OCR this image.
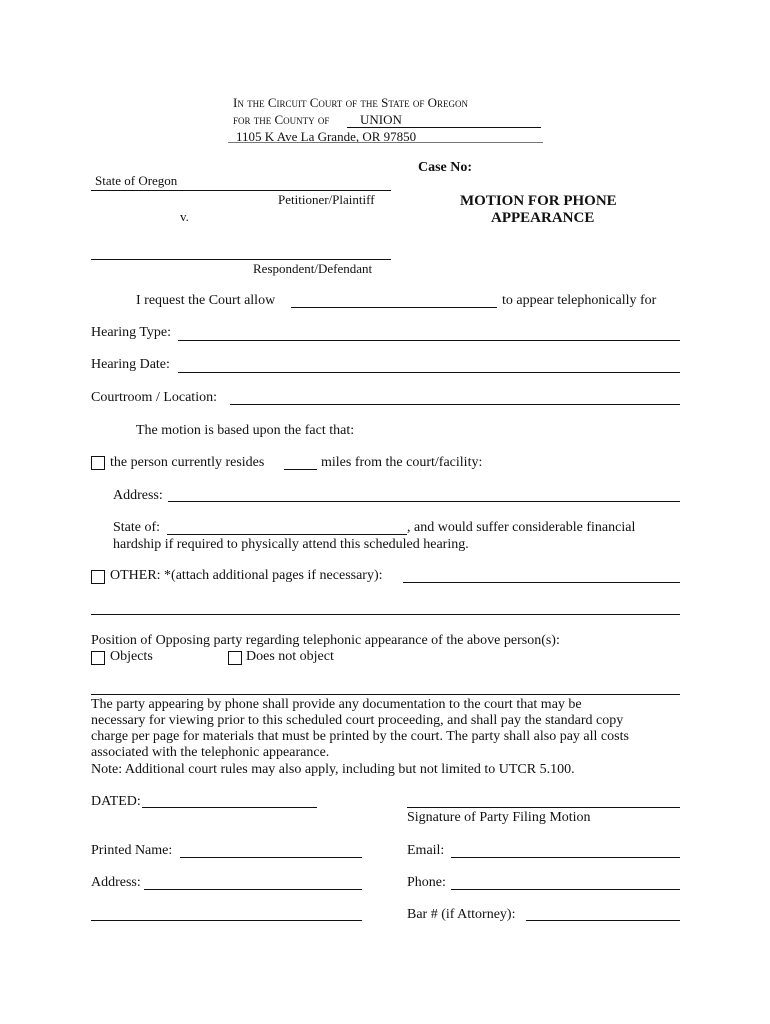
In the Circuit Court of the State of Oregon
for the County of UNION
1105 K Ave La Grande, OR 97850
Case No:
State of Oregon
Petitioner/Plaintiff
v.
Respondent/Defendant
MOTION FOR PHONE
APPEARANCE
I request the Court allow	to appear telephonically for
Hearing Type:
Hearing Date:
Courtroom / Location:
The motion is based upon the fact that:
the person currently resides	miles from the court/facility:
Address:
State of:	, and would suffer considerable financial
hardship if required to physically attend this scheduled hearing.
OTHER: *(attach additional pages if necessary):
Position of Opposing party regarding telephonic appearance of the above person(s):
Objects	Does not object
The party appearing by phone shall provide any documentation to the court that may be
necessary for viewing prior to this scheduled court proceeding, and shall pay the standard copy
charge per page for materials that must be printed by the court. The party shall also pay all costs
associated with the telephonic appearance.
Note: Additional court rules may also apply, including but not limited to UTCR 5.100.
DATED:
Signature of Party Filing Motion
Printed Name:	Email:
Address:	Phone:
Bar # (if Attorney):
